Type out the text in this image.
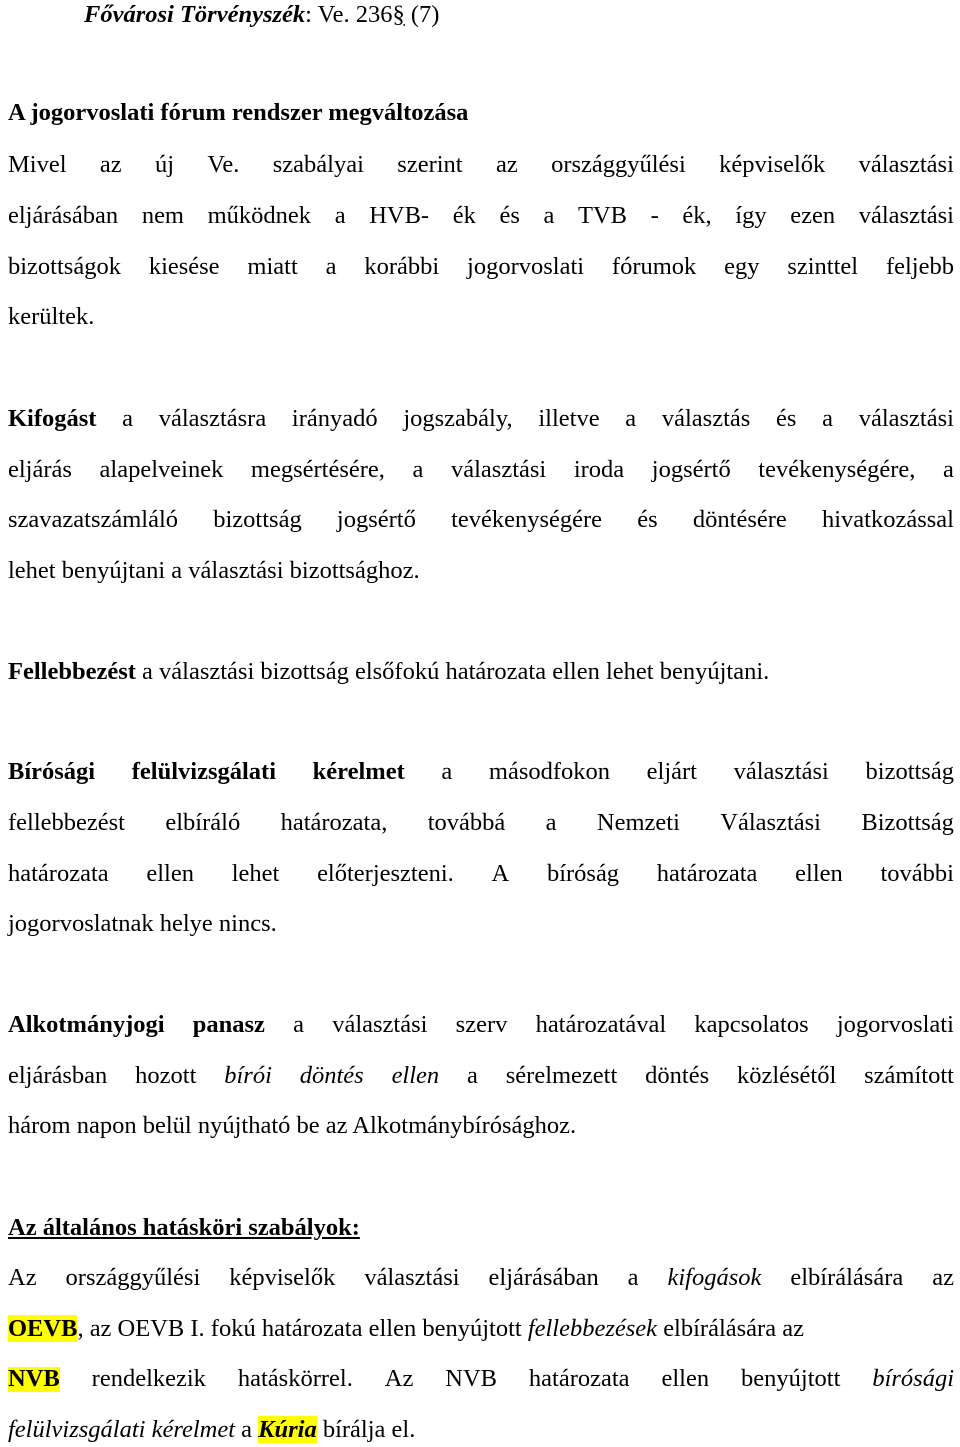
Fővárosi Törvényszék: Ve. 236§ (7)
A jogorvoslati fórum rendszer megváltozása
Mivel az új Ve. szabályai szerint az országgyűlési képviselők választási
eljárásában nem működnek a HVB- ék és a TVB - ék, így ezen választási
bizottságok kiesése miatt a korábbi jogorvoslati fórumok egy szinttel feljebb
kerültek.
Kifogást a választásra irányadó jogszabály, illetve a választás és a választási
eljárás alapelveinek megsértésére, a választási iroda jogsértő tevékenységére, a
szavazatszámláló bizottság jogsértő tevékenységére és döntésére hivatkozással
lehet benyújtani a választási bizottsághoz.
Fellebbezést a választási bizottság elsőfokú határozata ellen lehet benyújtani.
Bírósági felülvizsgálati kérelmet a másodfokon eljárt választási bizottság
fellebbezést elbíráló határozata, továbbá a Nemzeti Választási Bizottság
határozata ellen lehet előterjeszteni. A bíróság határozata ellen további
jogorvoslatnak helye nincs.
Alkotmányjogi panasz a választási szerv határozatával kapcsolatos jogorvoslati
eljárásban hozott bírói döntés ellen a sérelmezett döntés közlésétől számított
három napon belül nyújtható be az Alkotmánybírósághoz.
Az általános hatásköri szabályok:
Az országgyűlési képviselők választási eljárásában a kifogások elbírálására az
OEVB, az OEVB I. fokú határozata ellen benyújtott fellebbezések elbírálására az
NVB rendelkezik hatáskörrel. Az NVB határozata ellen benyújtott bírósági
felülvizsgálati kérelmet a Kúria bírálja el.
